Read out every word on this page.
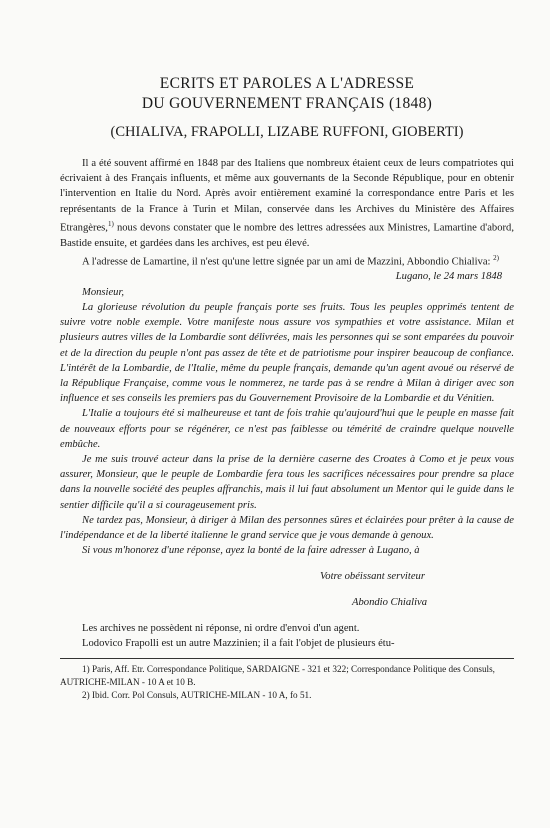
ECRITS ET PAROLES A L'ADRESSE
DU GOUVERNEMENT FRANÇAIS (1848)
(CHIALIVA, FRAPOLLI, LIZABE RUFFONI, GIOBERTI)

Il a été souvent affirmé en 1848 par des Italiens que nombreux étaient ceux de leurs compatriotes qui écrivaient à des Français influents, et même aux gouvernants de la Seconde République, pour en obtenir l'intervention en Italie du Nord. Après avoir entièrement examiné la correspondance entre Paris et les représentants de la France à Turin et Milan, conservée dans les Archives du Ministère des Affaires Etrangères,$^{1)}$ nous devons constater que le nombre des lettres adressées aux Ministres, Lamartine d'abord, Bastide ensuite, et gardées dans les archives, est peu élevé.

A l'adresse de Lamartine, il n'est qu'une lettre signée par un ami de Mazzini, Abbondio Chialiva: $^{2)}$

Lugano, le 24 mars 1848

Monsieur,

La glorieuse révolution du peuple français porte ses fruits. Tous les peuples opprimés tentent de suivre votre noble exemple. Votre manifeste nous assure vos sympathies et votre assistance. Milan et plusieurs autres villes de la Lombardie sont délivrées, mais les personnes qui se sont emparées du pouvoir et de la direction du peuple n'ont pas assez de tête et de patriotisme pour inspirer beaucoup de confiance. L'intérêt de la Lombardie, de l'Italie, même du peuple français, demande qu'un agent avoué ou réservé de la République Française, comme vous le nommerez, ne tarde pas à se rendre à Milan à diriger avec son influence et ses conseils les premiers pas du Gouvernement Provisoire de la Lombardie et du Vénitien.

L'Italie a toujours été si malheureuse et tant de fois trahie qu'aujourd'hui que le peuple en masse fait de nouveaux efforts pour se régénérer, ce n'est pas faiblesse ou témérité de craindre quelque nouvelle embûche.

Je me suis trouvé acteur dans la prise de la dernière caserne des Croates à Como et je peux vous assurer, Monsieur, que le peuple de Lombardie fera tous les sacrifices nécessaires pour prendre sa place dans la nouvelle société des peuples affranchis, mais il lui faut absolument un Mentor qui le guide dans le sentier difficile qu'il a si courageusement pris.

Ne tardez pas, Monsieur, à diriger à Milan des personnes sûres et éclairées pour prêter à la cause de l'indépendance et de la liberté italienne le grand service que je vous demande à genoux.

Si vous m'honorez d'une réponse, ayez la bonté de la faire adresser à Lugano, à

Votre obéissant serviteur

Abondio Chialiva

Les archives ne possèdent ni réponse, ni ordre d'envoi d'un agent.

Lodovico Frapolli est un autre Mazzinien; il a fait l'objet de plusieurs étu-

1) Paris, Aff. Etr. Correspondance Politique, SARDAIGNE - 321 et 322; Correspondance Politique des Consuls, AUTRICHE-MILAN - 10 A et 10 B.

2) Ibid. Corr. Pol Consuls, AUTRICHE-MILAN - 10 A, fo 51.
